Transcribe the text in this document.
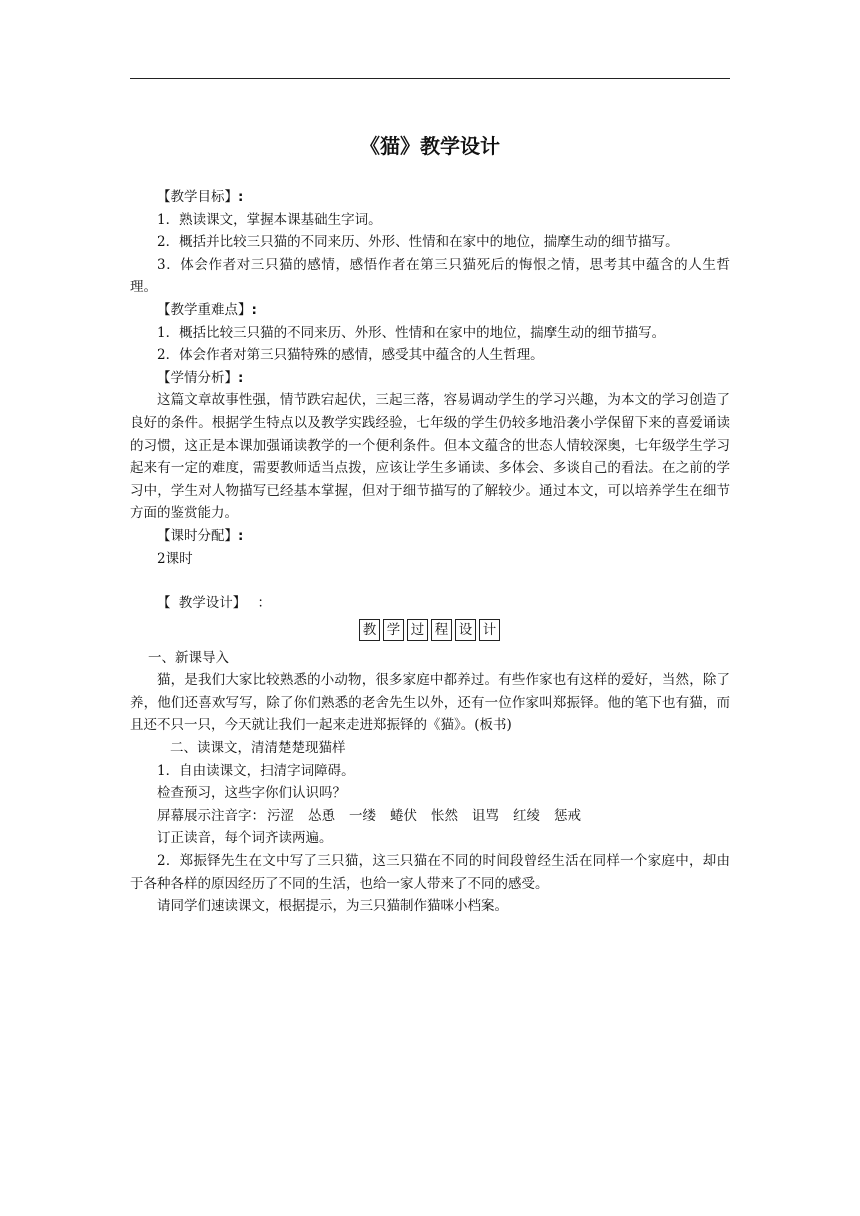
《猫》教学设计

【教学目标】:

1．熟读课文，掌握本课基础生字词。

2．概括并比较三只猫的不同来历、外形、性情和在家中的地位，揣摩生动的细节描写。

3．体会作者对三只猫的感情，感悟作者在第三只猫死后的悔恨之情，思考其中蕴含的人生哲理。

【教学重难点】:

1．概括比较三只猫的不同来历、外形、性情和在家中的地位，揣摩生动的细节描写。

2．体会作者对第三只猫特殊的感情，感受其中蕴含的人生哲理。

【学情分析】:

这篇文章故事性强，情节跌宕起伏，三起三落，容易调动学生的学习兴趣，为本文的学习创造了良好的条件。根据学生特点以及教学实践经验，七年级的学生仍较多地沿袭小学保留下来的喜爱诵读的习惯，这正是本课加强诵读教学的一个便利条件。但本文蕴含的世态人情较深奥，七年级学生学习起来有一定的难度，需要教师适当点拨，应该让学生多诵读、多体会、多谈自己的看法。在之前的学习中，学生对人物描写已经基本掌握，但对于细节描写的了解较少。通过本文，可以培养学生在细节方面的鉴赏能力。

【课时分配】:

2课时

【 教学设计】 ：

教 学 过 程 设 计

一、新课导入

猫，是我们大家比较熟悉的小动物，很多家庭中都养过。有些作家也有这样的爱好，当然，除了养，他们还喜欢写写，除了你们熟悉的老舍先生以外，还有一位作家叫郑振铎。他的笔下也有猫，而且还不只一只，今天就让我们一起来走进郑振铎的《猫》。(板书)

二、读课文，清清楚楚现猫样

1．自由读课文，扫清字词障碍。

检查预习，这些字你们认识吗？

屏幕展示注音字： 污涩 怂恿 一缕 蜷伏 怅然 诅骂 红绫 惩戒

订正读音，每个词齐读两遍。

2．郑振铎先生在文中写了三只猫，这三只猫在不同的时间段曾经生活在同样一个家庭中，却由于各种各样的原因经历了不同的生活，也给一家人带来了不同的感受。

请同学们速读课文，根据提示，为三只猫制作猫咪小档案。
